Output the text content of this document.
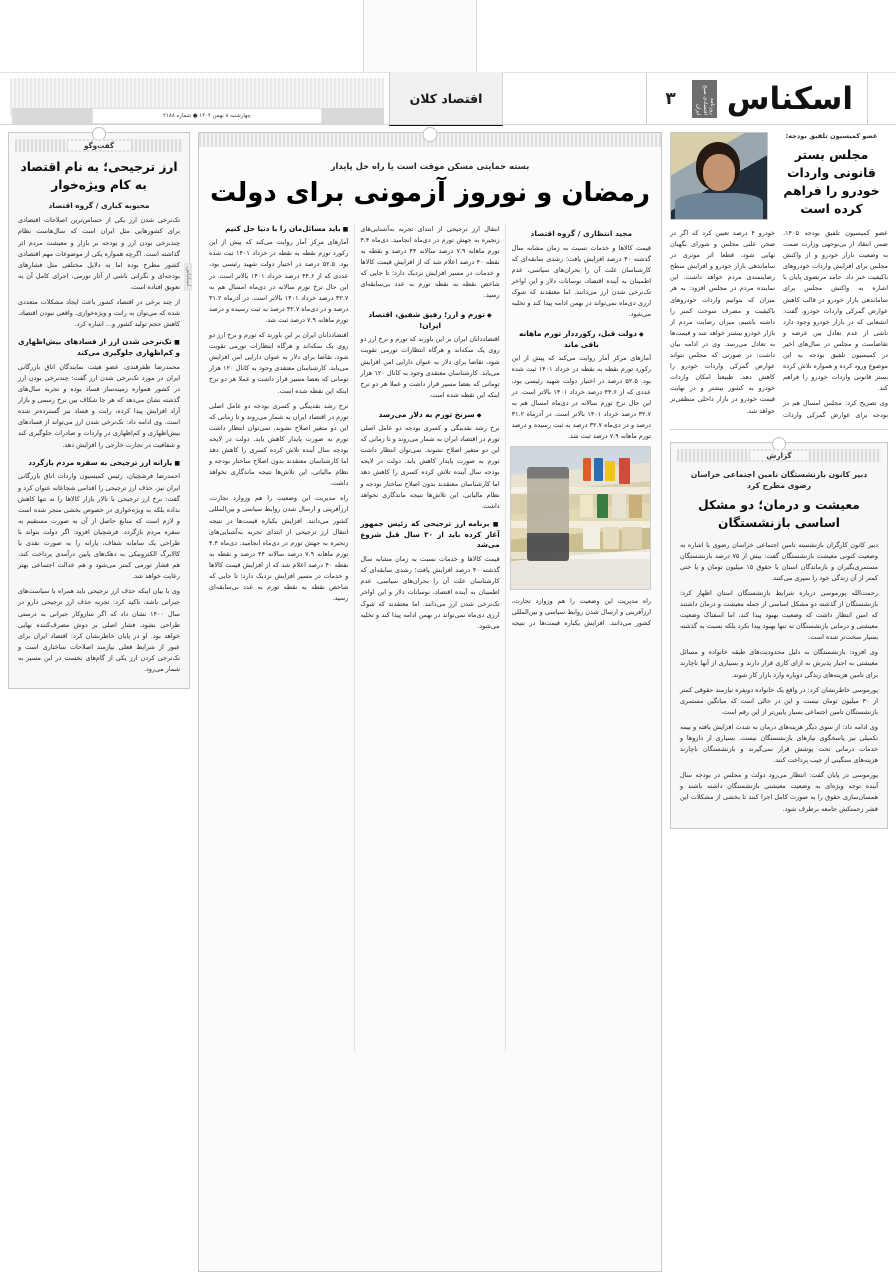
اسکناس
روزنامه اقتصادی صبح ایران
۳
چهارشنبه ۸ بهمن ۱۴۰۴ ● شماره ۲۱۸۸
اقتصاد کلان
عضو کمیسیون تلفیق بودجه:
مجلس بستر قانونی واردات خودرو را فراهم کرده است

عضو کمیسیون تلفیق بودجه ۱۴۰۵، ضمن انتقاد از بی‌توجهی وزارت صمت به وضعیت بازار خودرو و از واکنش مجلس برای افزایش واردات خودروهای باکیفیت خبر داد. حامد مرتضوی پایان با اشاره به واکنش مجلس برای ساماندهی بازار خودرو در قالب کاهش عوارض گمرکی واردات خودرو، گفت: انشعابی که در بازار خودرو وجود دارد ناشی از عدم تعادل بین عرضه و تقاضاست و مجلس در سال‌های اخیر در کمیسیون تلفیق بودجه به این موضوع ورود کرده و همواره تلاش کرده بستر قانونی واردات خودرو را فراهم کند.

وی تصریح کرد: مجلس امسال هم در بودجه برای عوارض گمرکی واردات خودرو ۴ درصد تعیین کرد که اگر در صحن علنی مجلس و شورای نگهبان نهایی شود، قطعا اثر موثری در ساماندهی بازار خودرو و افزایش سطح رضایتمندی مردم خواهد داشت. این نماینده مردم در مجلس افزود: به هر میزان که بتوانیم واردات خودروهای باکیفیت و مصرف سوخت کمتر را داشته باشیم، میزان رضایت مردم از بازار خودرو بیشتر خواهد شد و قیمت‌ها به تعادل می‌رسد. وی در ادامه بیان داشت: در صورتی که مجلس بتواند عوارض گمرکی واردات خودرو را کاهش دهد، طبیعتا امکان واردات خودرو به کشور بیشتر و در نهایت قیمت خودرو در بازار داخلی منطقی‌تر خواهد شد.

گزارش
دبیر کانون بازنشستگان تامین اجتماعی خراسان رضوی مطرح کرد
معیشت و درمان؛ دو مشکل اساسی بازنشستگان

دبیر کانون کارگران بازنشسته تامین اجتماعی خراسان رضوی با اشاره به وضعیت کنونی معیشت بازنشستگان گفت: بیش از ۷۵ درصد بازنشستگان مستمری‌بگیران و بازماندگان استان با حقوق ۱۵ میلیون تومان و یا حتی کمتر از آن زندگی خود را سپری می‌کنند.

رحمت‌الله پورموسی درباره شرایط بازنشستگان استان اظهار کرد: بازنشستگان از گذشته دو مشکل اساسی از جمله معیشت و درمان داشتند که امین انتظار داشت که وضعیت بهبود پیدا کند، اما اسفناک وضعیت معیشتی و درمانی بازنشستگان نه تنها بهبود پیدا نکرد بلکه نسبت به گذشته بسیار سخت‌تر شده است.

وی افزود: بازنشستگان به دلیل محدودیت‌های طبقه خانواده و مسائل معیشتی به اجبار پذیرش به ازای کاری قرار دارند و بسیاری از آنها ناچارند برای تامین هزینه‌های زندگی دوباره وارد بازار کار شوند.

پورموسی خاطرنشان کرد: در واقع یک خانواده دونفره نیازمند حقوقی کمتر از ۳۰ میلیون تومان نیست و این در حالی است که میانگین مستمری بازنشستگان تامین اجتماعی بسیار پایین‌تر از این رقم است.

وی ادامه داد: از سوی دیگر هزینه‌های درمان به شدت افزایش یافته و بیمه تکمیلی نیز پاسخگوی نیازهای بازنشستگان نیست. بسیاری از داروها و خدمات درمانی تحت پوشش قرار نمی‌گیرند و بازنشستگان ناچارند هزینه‌های سنگینی از جیب پرداخت کنند.

پورموسی در پایان گفت: انتظار می‌رود دولت و مجلس در بودجه سال آینده توجه ویژه‌ای به وضعیت معیشتی بازنشستگان داشته باشند و همسان‌سازی حقوق را به صورت کامل اجرا کنند تا بخشی از مشکلات این قشر زحمتکش جامعه برطرف شود.

بسته حمایتی مسکن موقت است یا راه حل پایدار
رمضان و نوروز آزمونی برای دولت
مجید انتظاری / گروه اقتصاد

قیمت کالاها و خدمات نسبت به زمان مشابه سال گذشته ۴۰ درصد افزایش یافت؛ رشدی سابقه‌ای که کارشناسان علت آن را بحران‌های سیاسی، عدم اطمینان به آینده اقتصاد، نوسانات دلار و این اواخر تک‌نرخی شدن ارز می‌دانند. اما معتقدند که شوک ارزی دی‌ماه نمی‌تواند در بهمن ادامه پیدا کند و تخلیه می‌شود.

◆ دولت قبل، رکورددار تورم ماهانه باقی ماند

آمارهای مرکز آمار روایت می‌کند که پیش از این رکورد تورم نقطه به نقطه در خرداد ۱۴۰۱ ثبت شده بود. ۵۲.۵ درصد در اختیار دولت شهید رئیسی بود، عددی که از ۴۴.۶ درصد خرداد ۱۴۰۱ بالاتر است. در این حال نرخ تورم سالانه در دی‌ماه امسال هم به ۳۲.۷ درصد خرداد ۱۴۰۱ بالاتر است. در آذرماه ۳۱.۲ درصد و در دی‌ماه ۳۲.۷ درصد به ثبت رسیده و درصد تورم ماهانه ۷.۹ درصد ثبت شد.

راه مدیریت این وضعیت را هم وزوارد تجارت، ارزآفرینی و ارسال شدن روابط سیاسی و بین‌المللی کشور می‌دانند. افزایش یکباره قیمت‌ها در نتیجه انتقال ارز ترجیحی از ابتدای تجربه به‌آشنایی‌های زنجیره به جهش تورم در دی‌ماه انجامید. دی‌ماه ۴.۴ تورم ماهانه ۷.۹ درصد سالانه ۴۴ درصد و نقطه به نقطه ۴۰ درصد اعلام شد که از افزایش قیمت کالاها و خدمات در مسیر افزایش نزدیک دارد؛ تا جایی که شاخص نقطه به نقطه تورم به عدد بی‌سابقه‌ای رسید.

◆ تورم و ارز؛ رفیق شفیق، اقتصاد ایران!

اقتصاددانان ایران بر این باورند که تورم و نرخ ارز دو روی یک سکه‌اند و هرگاه انتظارات تورمی تقویت شود، تقاضا برای دلار به عنوان دارایی امن افزایش می‌یابد. کارشناسان معتقدی وجود به کانال ۱۲۰ هزار تومانی که بعضا مسیر قرار داشت و عملا هر دو نرخ اینکه این نقطه شده است.

◆ سرنخ تورم به دلار می‌رسد

نرخ رشد نقدینگی و کسری بودجه دو عامل اصلی تورم در اقتصاد ایران به شمار می‌روند و تا زمانی که این دو متغیر اصلاح نشوند، نمی‌توان انتظار داشت تورم به صورت پایدار کاهش یابد. دولت در لایحه بودجه سال آینده تلاش کرده کسری را کاهش دهد اما کارشناسان معتقدند بدون اصلاح ساختار بودجه و نظام مالیاتی، این تلاش‌ها نتیجه ماندگاری نخواهد داشت.

■ برنامه ارز ترجیحی که رئیس جمهور آغاز کرده باید از ۳۰ سال قبل شروع می‌شد

قیمت کالاها و خدمات نسبت به زمان مشابه سال گذشته ۴۰ درصد افزایش یافت؛ رشدی سابقه‌ای که کارشناسان علت آن را بحران‌های سیاسی، عدم اطمینان به آینده اقتصاد، نوسانات دلار و این اواخر تک‌نرخی شدن ارز می‌دانند. اما معتقدند که شوک ارزی دی‌ماه نمی‌تواند در بهمن ادامه پیدا کند و تخلیه می‌شود.

■ باید مسائل‌مان را با دنیا حل کنیم

آمارهای مرکز آمار روایت می‌کند که پیش از این رکورد تورم نقطه به نقطه در خرداد ۱۴۰۱ ثبت شده بود. ۵۲.۵ درصد در اختیار دولت شهید رئیسی بود، عددی که از ۴۴.۶ درصد خرداد ۱۴۰۱ بالاتر است. در این حال نرخ تورم سالانه در دی‌ماه امسال هم به ۳۲.۷ درصد خرداد ۱۴۰۱ بالاتر است. در آذرماه ۳۱.۲ درصد و در دی‌ماه ۳۲.۷ درصد به ثبت رسیده و درصد تورم ماهانه ۷.۹ درصد ثبت شد.

اقتصاددانان ایران بر این باورند که تورم و نرخ ارز دو روی یک سکه‌اند و هرگاه انتظارات تورمی تقویت شود، تقاضا برای دلار به عنوان دارایی امن افزایش می‌یابد. کارشناسان معتقدی وجود به کانال ۱۲۰ هزار تومانی که بعضا مسیر قرار داشت و عملا هر دو نرخ اینکه این نقطه شده است.

نرخ رشد نقدینگی و کسری بودجه دو عامل اصلی تورم در اقتصاد ایران به شمار می‌روند و تا زمانی که این دو متغیر اصلاح نشوند، نمی‌توان انتظار داشت تورم به صورت پایدار کاهش یابد. دولت در لایحه بودجه سال آینده تلاش کرده کسری را کاهش دهد اما کارشناسان معتقدند بدون اصلاح ساختار بودجه و نظام مالیاتی، این تلاش‌ها نتیجه ماندگاری نخواهد داشت.

راه مدیریت این وضعیت را هم وزوارد تجارت، ارزآفرینی و ارسال شدن روابط سیاسی و بین‌المللی کشور می‌دانند. افزایش یکباره قیمت‌ها در نتیجه انتقال ارز ترجیحی از ابتدای تجربه به‌آشنایی‌های زنجیره به جهش تورم در دی‌ماه انجامید. دی‌ماه ۴.۴ تورم ماهانه ۷.۹ درصد سالانه ۴۴ درصد و نقطه به نقطه ۴۰ درصد اعلام شد که از افزایش قیمت کالاها و خدمات در مسیر افزایش نزدیک دارد؛ تا جایی که شاخص نقطه به نقطه تورم به عدد بی‌سابقه‌ای رسید.

گفت‌وگو
ارز ترجیحی؛ به نام اقتصاد به کام ویژه‌خوار
محبوبه کباری / گروه اقتصاد

تک‌نرخی شدن ارز یکی از حساس‌ترین اصلاحات اقتصادی برای کشورهایی مثل ایران است که سال‌هاست نظام چندنرخی بودن ارز و بودجه بر بازار و معیشت مردم اثر گذاشته است. اگرچه همواره یکی از موضوعات مهم اقتصادی کشور مطرح بوده اما به دلایل مختلفی مثل فشارهای بودجه‌ای و نگرانی ناشی از آثار تورمی، اجرای کامل آن به تعویق افتاده است.

از چند برخی در اقتصاد کشور باعث ایجاد مشکلات متعددی شده که می‌توان به رانت و ویژه‌خواری، واقعی نبودن اقتصاد، کاهش حجم تولید کشور و... اشاره کرد.

■ تک‌نرخی شدن ارز از فسادهای بیش‌اظهاری و کم‌اظهاری جلوگیری می‌کند

محمدرضا ظفرقندی، عضو هیئت نمایندگان اتاق بازرگانی ایران در مورد تک‌نرخی شدن ارز گفت: چندنرخی بودن ارز در کشور همواره زمینه‌ساز فساد بوده و تجربه سال‌های گذشته نشان می‌دهد که هر جا شکاف بین نرخ رسمی و بازار آزاد افزایش پیدا کرده، رانت و فساد نیز گسترده‌تر شده است. وی ادامه داد: تک‌نرخی شدن ارز می‌تواند از فسادهای بیش‌اظهاری و کم‌اظهاری در واردات و صادرات جلوگیری کند و شفافیت در تجارت خارجی را افزایش دهد.

■ یارانه ارز ترجیحی به سفره مردم بازگردد

احمدرضا فرشچیان، رئیس کمیسیون واردات اتاق بازرگانی ایران نیز، حذف ارز ترجیحی را اقدامی شجاعانه عنوان کرد و گفت: نرخ ارز ترجیحی با تالار بازار کالاها را نه تنها کاهش نداده بلکه به ویژه‌خواری در خصوص بخشی منجر شده است و لازم است که منابع حاصل از آن به صورت مستقیم به سفره مردم بازگردد. فرشچیان افزود: اگر دولت بتواند با طراحی یک سامانه شفاف، یارانه را به صورت نقدی یا کالابرگ الکترونیکی به دهک‌های پایین درآمدی پرداخت کند، هم فشار تورمی کمتر می‌شود و هم عدالت اجتماعی بهتر رعایت خواهد شد.

وی با بیان اینکه حذف ارز ترجیحی باید همراه با سیاست‌های جبرانی باشد، تاکید کرد: تجربه حذف ارز ترجیحی دارو در سال ۱۴۰۰ نشان داد که اگر سازوکار جبرانی به درستی طراحی نشود، فشار اصلی بر دوش مصرف‌کننده نهایی خواهد بود. او در پایان خاطرنشان کرد: اقتصاد ایران برای عبور از شرایط فعلی نیازمند اصلاحات ساختاری است و تک‌نرخی کردن ارز یکی از گام‌های نخست در این مسیر به شمار می‌رود.

اسکناس
